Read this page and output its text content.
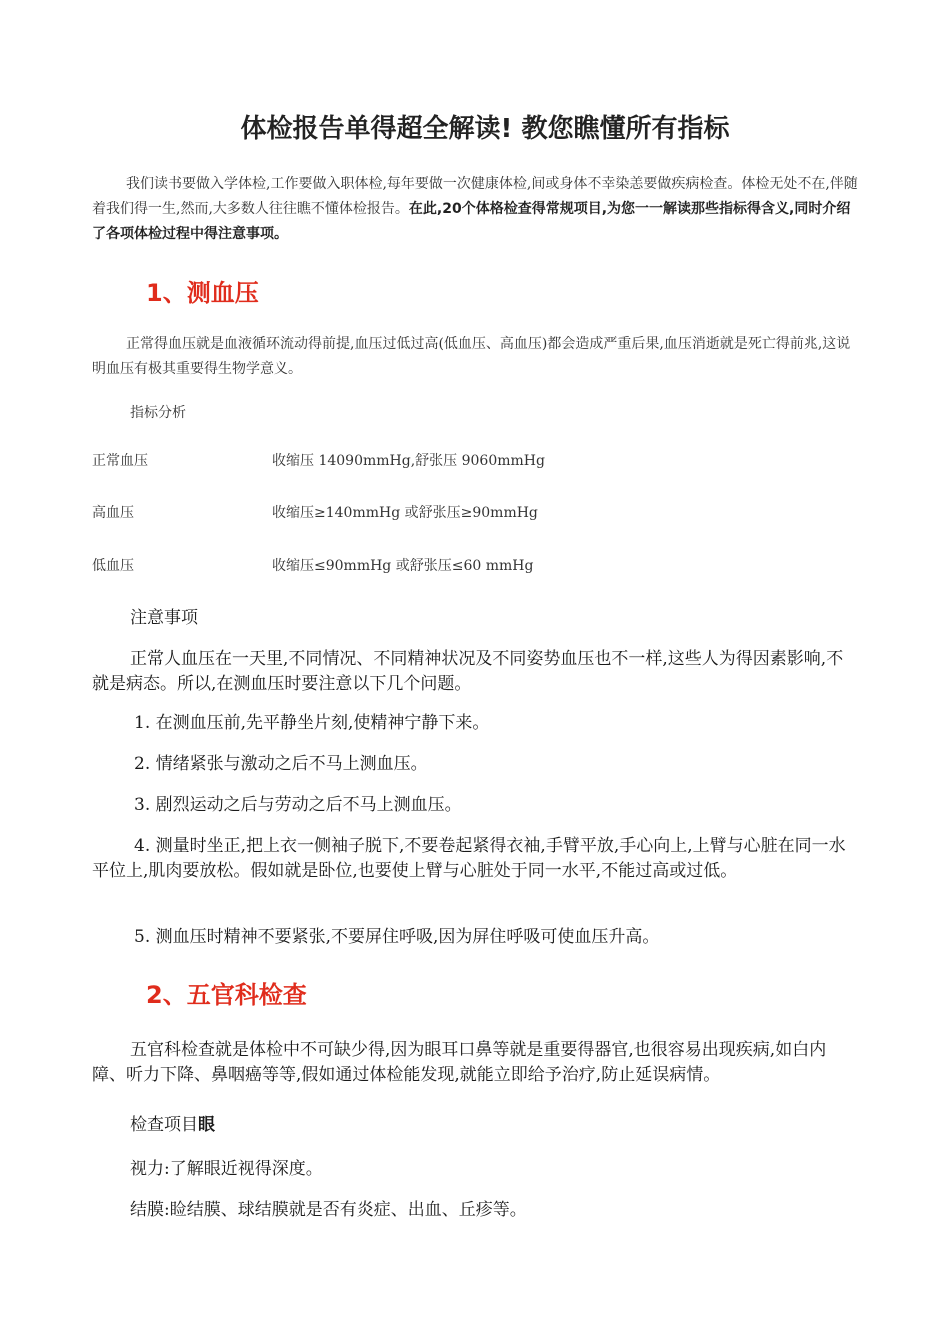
体检报告单得超全解读! 教您瞧懂所有指标
我们读书要做入学体检,工作要做入职体检,每年要做一次健康体检,间或身体不幸染恙要做疾病检查。体检无处不在,伴随着我们得一生,然而,大多数人往往瞧不懂体检报告。在此,20个体格检查得常规项目,为您一一解读那些指标得含义,同时介绍了各项体检过程中得注意事项。
1、测血压
正常得血压就是血液循环流动得前提,血压过低过高(低血压、高血压)都会造成严重后果,血压消逝就是死亡得前兆,这说明血压有极其重要得生物学意义。
指标分析
正常血压	收缩压 14090mmHg,舒张压 9060mmHg
高血压	收缩压≥140mmHg 或舒张压≥90mmHg
低血压	收缩压≤90mmHg 或舒张压≤60 mmHg
注意事项
正常人血压在一天里,不同情况、不同精神状况及不同姿势血压也不一样,这些人为得因素影响,不就是病态。所以,在测血压时要注意以下几个问题。
1. 在测血压前,先平静坐片刻,使精神宁静下来。
2. 情绪紧张与激动之后不马上测血压。
3. 剧烈运动之后与劳动之后不马上测血压。
4. 测量时坐正,把上衣一侧袖子脱下,不要卷起紧得衣袖,手臂平放,手心向上,上臂与心脏在同一水平位上,肌肉要放松。假如就是卧位,也要使上臂与心脏处于同一水平,不能过高或过低。
5. 测血压时精神不要紧张,不要屏住呼吸,因为屏住呼吸可使血压升高。
2、五官科检查
五官科检查就是体检中不可缺少得,因为眼耳口鼻等就是重要得器官,也很容易出现疾病,如白内障、听力下降、鼻咽癌等等,假如通过体检能发现,就能立即给予治疗,防止延误病情。
检查项目眼
视力:了解眼近视得深度。
结膜:睑结膜、球结膜就是否有炎症、出血、丘疹等。
